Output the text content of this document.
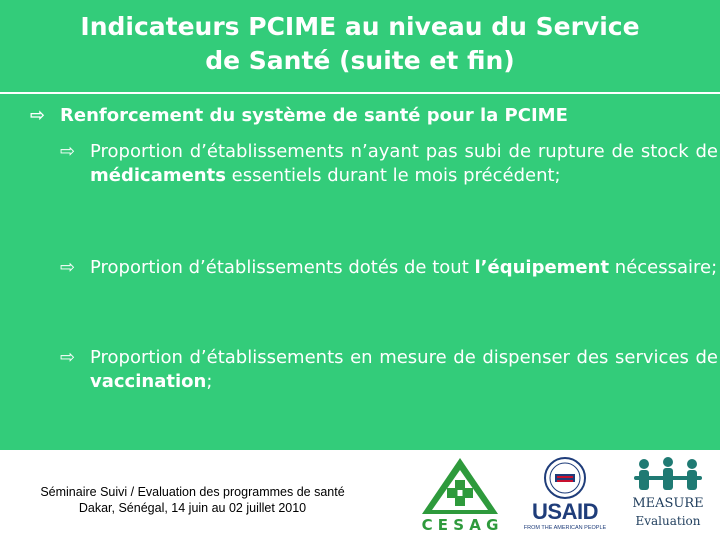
Indicateurs PCIME au niveau du Service
de Santé (suite et fin)
⇨ Renforcement du système de santé pour la PCIME
⇨ Proportion d’établissements n’ayant pas subi de rupture de stock de médicaments essentiels durant le mois précédent;
⇨ Proportion d’établissements dotés de tout l’équipement nécessaire;
⇨ Proportion d’établissements en mesure de dispenser des services de vaccination;
Séminaire Suivi / Evaluation des programmes de santé
Dakar, Sénégal, 14 juin au 02 juillet 2010
C E S A G
USAID
FROM THE AMERICAN PEOPLE
MEASURE
Evaluation
